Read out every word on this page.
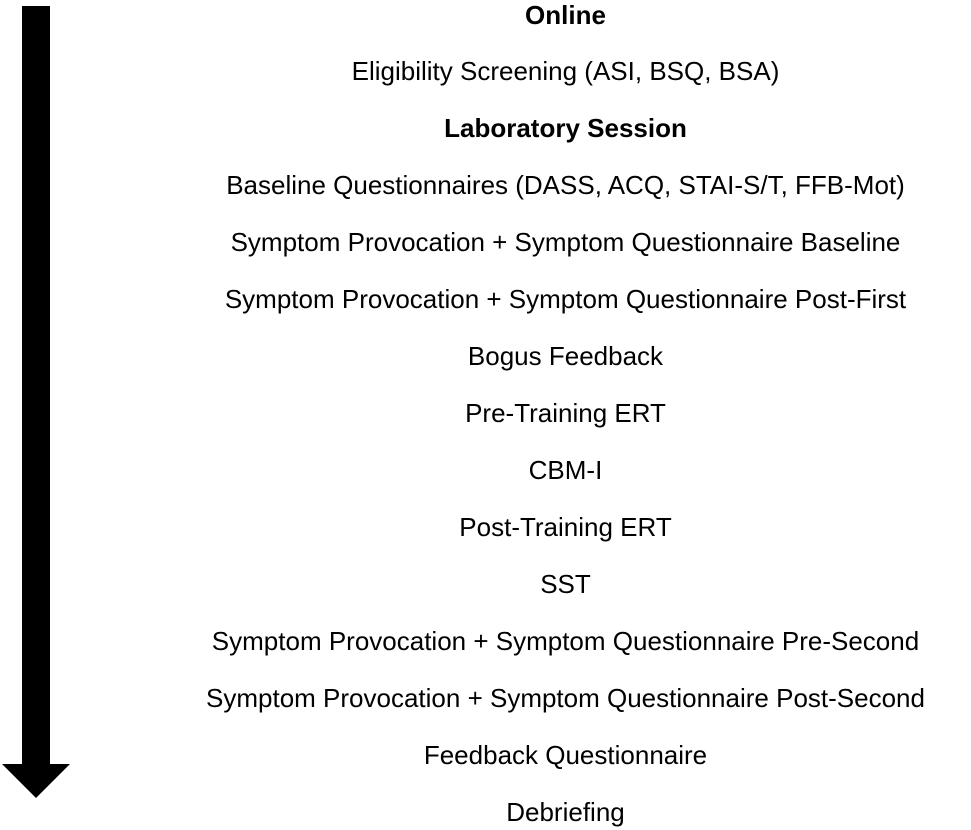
Online
Eligibility Screening (ASI, BSQ, BSA)
Laboratory Session
Baseline Questionnaires (DASS, ACQ, STAI-S/T, FFB-Mot)
Symptom Provocation + Symptom Questionnaire Baseline
Symptom Provocation + Symptom Questionnaire Post-First
Bogus Feedback
Pre-Training ERT
CBM-I
Post-Training ERT
SST
Symptom Provocation + Symptom Questionnaire Pre-Second
Symptom Provocation + Symptom Questionnaire Post-Second
Feedback Questionnaire
Debriefing
